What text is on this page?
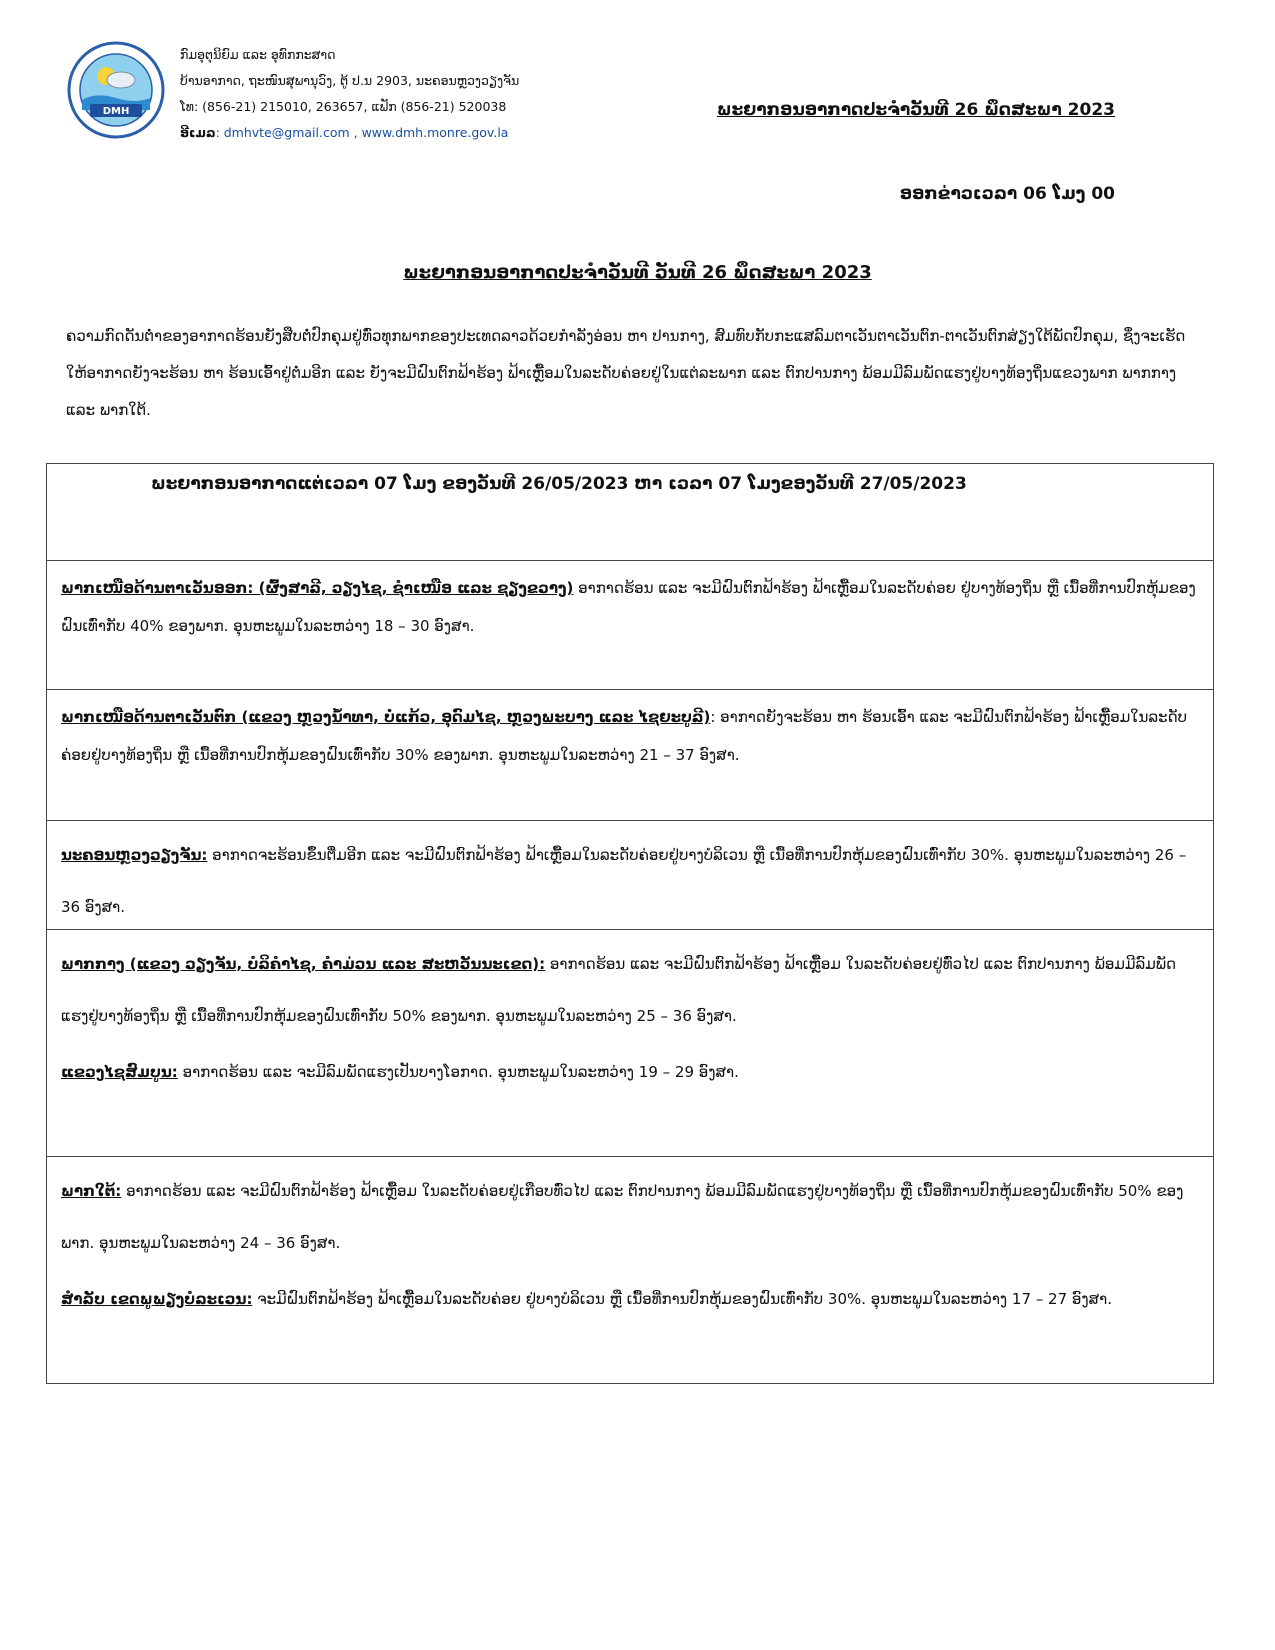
DMH
ກົມອຸຕຸນິຍົມ ແລະ ອຸທົກກະສາດ
ບ້ານອາກາດ, ຖະໜົນສຸພານຸວົງ, ຕູ້ ປ.ນ 2903, ນະຄອນຫຼວງວຽງຈັນ
ໂທ: (856-21) 215010, 263657, ແຟັກ (856-21) 520038
ອີເມລ: dmhvte@gmail.com , www.dmh.monre.gov.la
ພະຍາກອນອາກາດປະຈຳວັນທີ 26 ພຶດສະພາ 2023
ອອກຂ່າວເວລາ 06 ໂມງ 00
ພະຍາກອນອາກາດປະຈຳວັນທີ ວັນທີ 26 ພຶດສະພາ 2023

ຄວາມກົດດັນຕ່ຳຂອງອາກາດຮ້ອນຍັງສືບຕໍ່ປົກຄຸມຢູ່ທົ່ວທຸກພາກຂອງປະເທດລາວດ້ວຍກຳລັງອ່ອນ ຫາ ປານກາງ, ສົມທົບກັບກະແສລົມຕາເວັນຕາເວັນຕົກ-ຕາເວັນຕົກສ່ຽງໃຕ້ພັດປົກຄຸມ, ຊຶ່ງຈະເຮັດໃຫ້ອາກາດຍັງຈະຮ້ອນ ຫາ ຮ້ອນເອົ້າຢູ່ຕໍ່ມອີກ ແລະ ຍັງຈະມີຝົນຕົກຟ້າຮ້ອງ ຟ້າເຫຼື້ອມໃນລະດັບຄ່ອຍຢູ່ໃນແຕ່ລະພາກ ແລະ ຕົກປານກາງ ພ້ອມມີລົມພັດແຮງຢູ່ບາງທ້ອງຖິ່ນແຂວງພາກ ພາກກາງ ແລະ ພາກໃຕ້.

ພະຍາກອນອາກາດແຕ່ເວລາ 07 ໂມງ ຂອງວັນທີ 26/05/2023 ຫາ ເວລາ 07 ໂມງຂອງວັນທີ 27/05/2023
ພາກເໜືອດ້ານຕາເວັນອອກ: (ຜົ້ງສາລີ, ວຽງໄຊ, ຊຳເໜືອ ແລະ ຊຽງຂວາງ) ອາກາດຮ້ອນ ແລະ ຈະມີຝົນຕົກຟ້າຮ້ອງ ຟ້າເຫຼື້ອມໃນລະດັບຄ່ອຍ ຢູ່ບາງທ້ອງຖິ່ນ ຫຼື ເນື້ອທີ່ການປົກຫຸ້ມຂອງຝົນເທົ່າກັບ 40% ຂອງພາກ. ອຸນຫະພູມໃນລະຫວ່າງ 18 – 30 ອົງສາ.
ພາກເໜືອດ້ານຕາເວັນຕົກ (ແຂວງ ຫຼວງນ້ຳທາ, ບໍ່ແກ້ວ, ອຸດົມໄຊ, ຫຼວງພະບາງ ແລະ ໄຊຍະບູລີ): ອາກາດຍັງຈະຮ້ອນ ຫາ ຮ້ອນເອົ້າ ແລະ ຈະມີຝົນຕົກຟ້າຮ້ອງ ຟ້າເຫຼື້ອມໃນລະດັບຄ່ອຍຢູ່ບາງທ້ອງຖິ່ນ ຫຼື ເນື້ອທີ່ການປົກຫຸ້ມຂອງຝົນເທົ່າກັບ 30% ຂອງພາກ. ອຸນຫະພູມໃນລະຫວ່າງ 21 – 37 ອົງສາ.
ນະຄອນຫຼວງວຽງຈັນ: ອາກາດຈະຮ້ອນຂຶ້ນຕື່ມອີກ ແລະ ຈະມີຝົນຕົກຟ້າຮ້ອງ ຟ້າເຫຼື້ອມໃນລະດັບຄ່ອຍຢູ່ບາງບໍລິເວນ ຫຼື ເນື້ອທີ່ການປົກຫຸ້ມຂອງຝົນເທົ່າກັບ 30%. ອຸນຫະພູມໃນລະຫວ່າງ 26 – 36 ອົງສາ.
ພາກກາງ (ແຂວງ ວຽງຈັນ, ບໍລິຄຳໄຊ, ຄຳມ່ວນ ແລະ ສະຫວັນນະເຂດ): ອາກາດຮ້ອນ ແລະ ຈະມີຝົນຕົກຟ້າຮ້ອງ ຟ້າເຫຼື້ອມ ໃນລະດັບຄ່ອຍຢູ່ທົ່ວໄປ ແລະ ຕົກປານກາງ ພ້ອມມີລົມພັດແຮງຢູ່ບາງທ້ອງຖິ່ນ ຫຼື ເນື້ອທີ່ການປົກຫຸ້ມຂອງຝົນເທົ່າກັບ 50% ຂອງພາກ. ອຸນຫະພູມໃນລະຫວ່າງ 25 – 36 ອົງສາ.
ແຂວງໄຊສົມບູນ: ອາກາດຮ້ອນ ແລະ ຈະມີລົມພັດແຮງເປັນບາງໂອກາດ. ອຸນຫະພູມໃນລະຫວ່າງ 19 – 29 ອົງສາ.
ພາກໃຕ້: ອາກາດຮ້ອນ ແລະ ຈະມີຝົນຕົກຟ້າຮ້ອງ ຟ້າເຫຼື້ອມ ໃນລະດັບຄ່ອຍຢູ່ເກືອບທົ່ວໄປ ແລະ ຕົກປານກາງ ພ້ອມມີລົມພັດແຮງຢູ່ບາງທ້ອງຖິ່ນ ຫຼື ເນື້ອທີ່ການປົກຫຸ້ມຂອງຝົນເທົ່າກັບ 50% ຂອງພາກ. ອຸນຫະພູມໃນລະຫວ່າງ 24 – 36 ອົງສາ.
ສຳລັບ ເຂດພູພຽງບໍລະເວນ: ຈະມີຝົນຕົກຟ້າຮ້ອງ ຟ້າເຫຼື້ອມໃນລະດັບຄ່ອຍ ຢູ່ບາງບໍລິເວນ ຫຼື ເນື້ອທີ່ການປົກຫຸ້ມຂອງຝົນເທົ່າກັບ 30%. ອຸນຫະພູມໃນລະຫວ່າງ 17 – 27 ອົງສາ.
